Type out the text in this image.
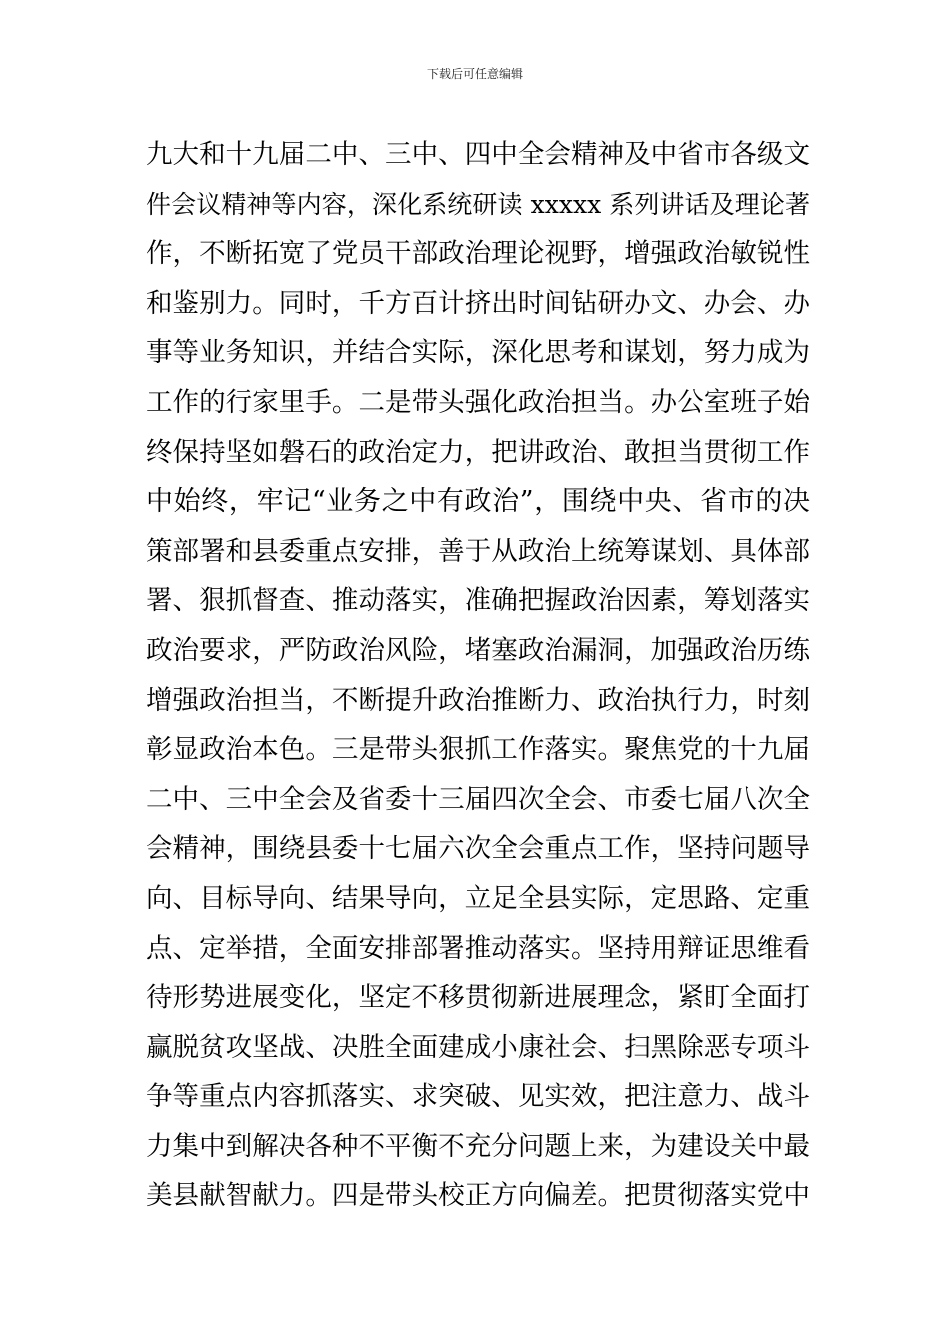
下载后可任意编辑
九大和十九届二中、三中、四中全会精神及中省市各级文
件会议精神等内容，深化系统研读 xxxxx 系列讲话及理论著
作，不断拓宽了党员干部政治理论视野，增强政治敏锐性
和鉴别力。同时，千方百计挤出时间钻研办文、办会、办
事等业务知识，并结合实际，深化思考和谋划，努力成为
工作的行家里手。二是带头强化政治担当。办公室班子始
终保持坚如磐石的政治定力，把讲政治、敢担当贯彻工作
中始终，牢记“业务之中有政治”，围绕中央、省市的决
策部署和县委重点安排，善于从政治上统筹谋划、具体部
署、狠抓督查、推动落实，准确把握政治因素，筹划落实
政治要求，严防政治风险，堵塞政治漏洞，加强政治历练
增强政治担当，不断提升政治推断力、政治执行力，时刻
彰显政治本色。三是带头狠抓工作落实。聚焦党的十九届
二中、三中全会及省委十三届四次全会、市委七届八次全
会精神，围绕县委十七届六次全会重点工作，坚持问题导
向、目标导向、结果导向，立足全县实际，定思路、定重
点、定举措，全面安排部署推动落实。坚持用辩证思维看
待形势进展变化，坚定不移贯彻新进展理念，紧盯全面打
赢脱贫攻坚战、决胜全面建成小康社会、扫黑除恶专项斗
争等重点内容抓落实、求突破、见实效，把注意力、战斗
力集中到解决各种不平衡不充分问题上来，为建设关中最
美县献智献力。四是带头校正方向偏差。把贯彻落实党中
